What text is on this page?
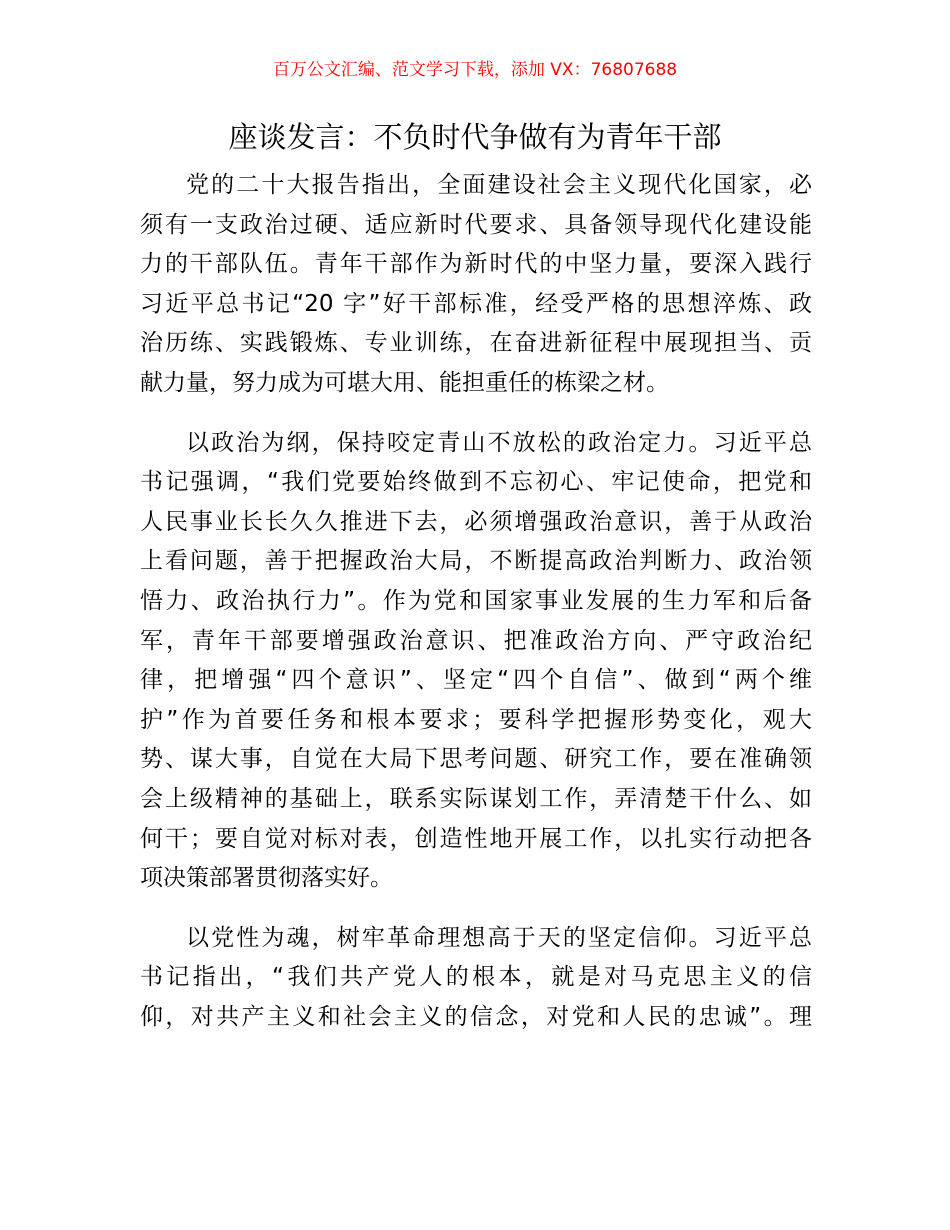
百万公文汇编、范文学习下载，添加 VX：76807688
座谈发言：不负时代争做有为青年干部

党的二十大报告指出，全面建设社会主义现代化国家，必
须有一支政治过硬、适应新时代要求、具备领导现代化建设能
力的干部队伍。青年干部作为新时代的中坚力量，要深入践行
习近平总书记“20 字”好干部标准，经受严格的思想淬炼、政
治历练、实践锻炼、专业训练，在奋进新征程中展现担当、贡
献力量，努力成为可堪大用、能担重任的栋梁之材。

以政治为纲，保持咬定青山不放松的政治定力。习近平总
书记强调，“我们党要始终做到不忘初心、牢记使命，把党和
人民事业长长久久推进下去，必须增强政治意识，善于从政治
上看问题，善于把握政治大局，不断提高政治判断力、政治领
悟力、政治执行力”。作为党和国家事业发展的生力军和后备
军，青年干部要增强政治意识、把准政治方向、严守政治纪
律，把增强“四个意识”、坚定“四个自信”、做到“两个维
护”作为首要任务和根本要求；要科学把握形势变化，观大
势、谋大事，自觉在大局下思考问题、研究工作，要在准确领
会上级精神的基础上，联系实际谋划工作，弄清楚干什么、如
何干；要自觉对标对表，创造性地开展工作，以扎实行动把各
项决策部署贯彻落实好。

以党性为魂，树牢革命理想高于天的坚定信仰。习近平总
书记指出，“我们共产党人的根本，就是对马克思主义的信
仰，对共产主义和社会主义的信念，对党和人民的忠诚”。理
